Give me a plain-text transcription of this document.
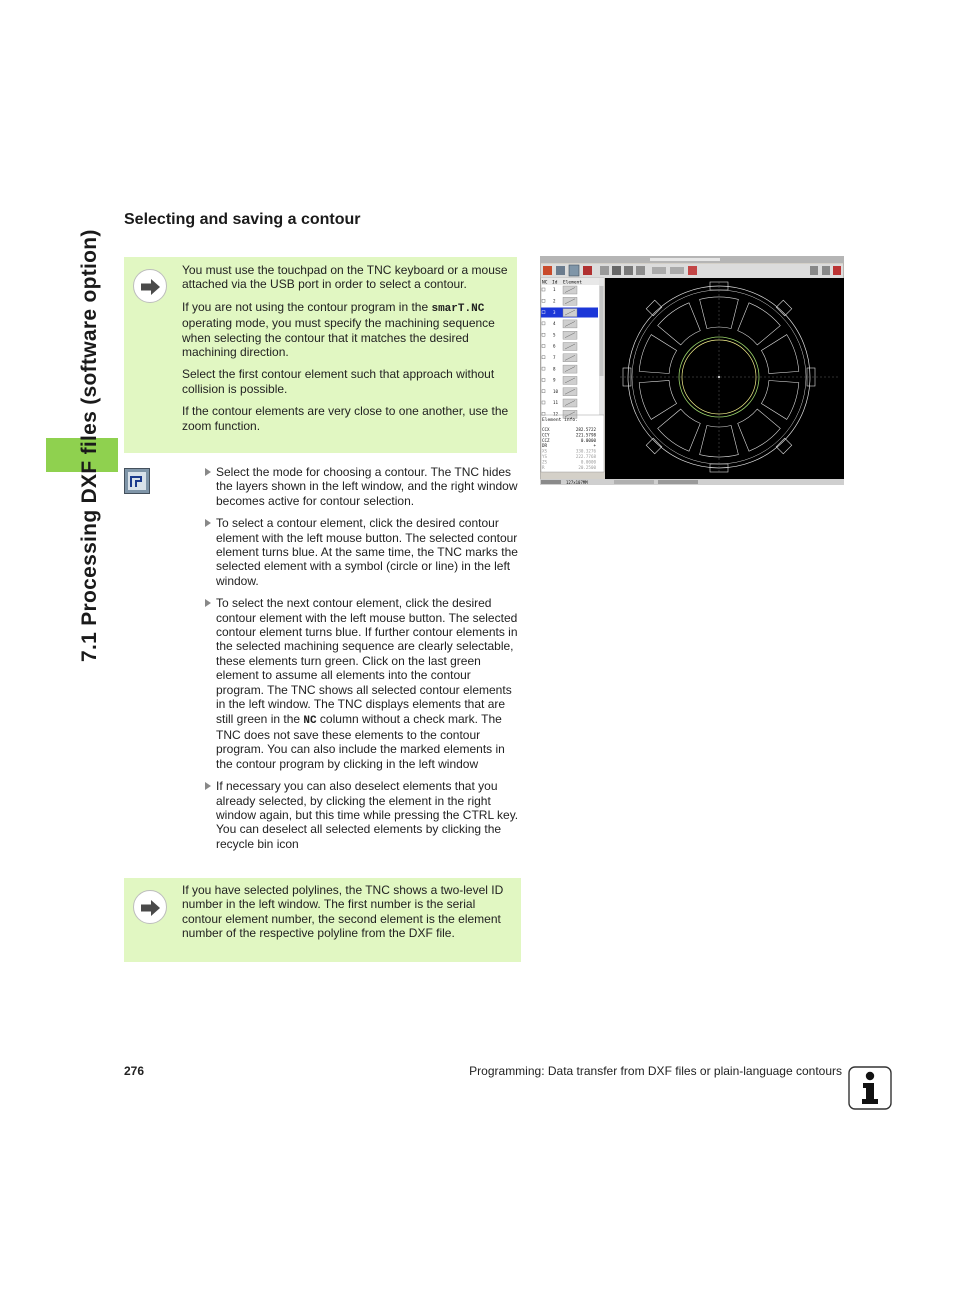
7.1 Processing DXF files (software option)
Selecting and saving a contour

You must use the touchpad on the TNC keyboard or a mouse attached via the USB port in order to select a contour.

If you are not using the contour program in the smarT.NC operating mode, you must specify the machining sequence when selecting the contour that it matches the desired machining direction.

Select the first contour element such that approach without collision is possible.

If the contour elements are very close to one another, use the zoom function.

Select the mode for choosing a contour. The TNC hides the layers shown in the left window, and the right window becomes active for contour selection.
To select a contour element, click the desired contour element with the left mouse button. The selected contour element turns blue. At the same time, the TNC marks the selected element with a symbol (circle or line) in the left window.
To select the next contour element, click the desired contour element with the left mouse button. The selected contour element turns blue. If further contour elements in the selected machining sequence are clearly selectable, these elements turn green. Click on the last green element to assume all elements into the contour program. The TNC shows all selected contour elements in the left window. The TNC displays elements that are still green in the NC column without a check mark. The TNC does not save these elements to the contour program. You can also include the marked elements in the contour program by clicking in the left window
If necessary you can also deselect elements that you already selected, by clicking the element in the right window again, but this time while pressing the CTRL key. You can deselect all selected elements by clicking the recycle bin icon
If you have selected polylines, the TNC shows a two-level ID number in the left window. The first number is the serial contour element number, the second element is the element number of the respective polyline from the DXF file.
NC Id Element
1
2
3
4
5
6
7
8
9
10
11
12
Element info.
CCX	282.5722
CCY	221.5798
CCZ	0.0000
DR	+
XS	330.3276
YS	222.7768
ZS	0.0000
R	20.2500
127x107MM
276	Programming: Data transfer from DXF files or plain-language contours
